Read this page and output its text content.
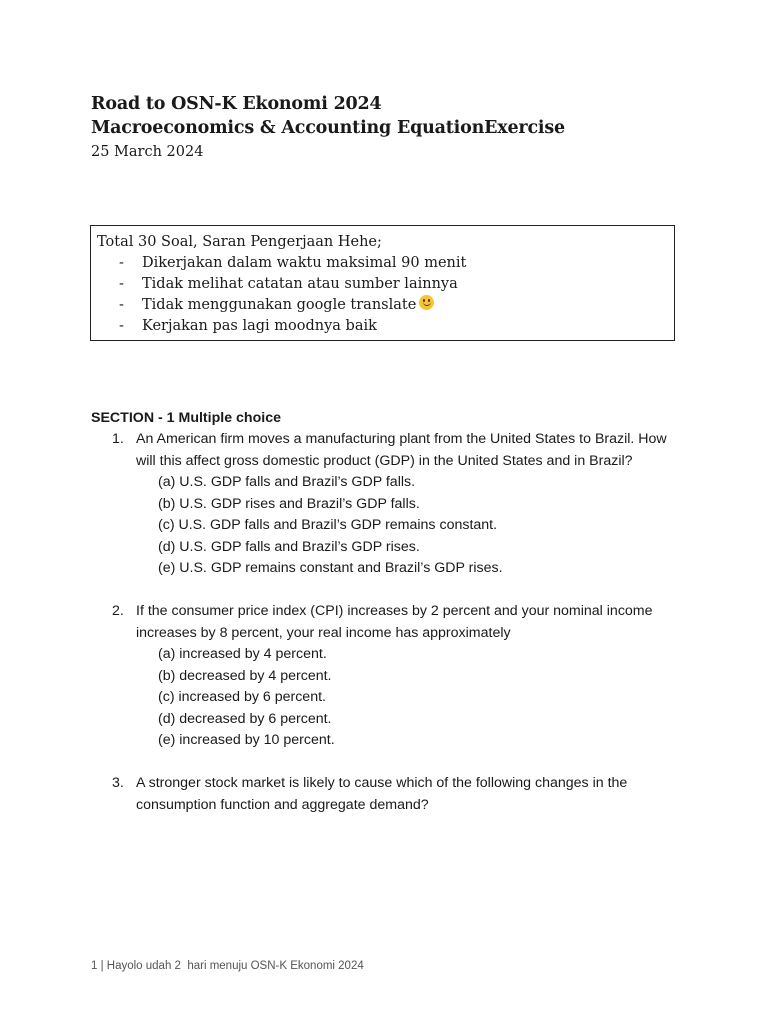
Road to OSN-K Ekonomi 2024
Macroeconomics & Accounting EquationExercise
25 March 2024
Total 30 Soal, Saran Pengerjaan Hehe;
-	Dikerjakan dalam waktu maksimal 90 menit
-	Tidak melihat catatan atau sumber lainnya
-	Tidak menggunakan google translate
-	Kerjakan pas lagi moodnya baik
SECTION - 1 Multiple choice
1. An American firm moves a manufacturing plant from the United States to Brazil. How will this affect gross domestic product (GDP) in the United States and in Brazil?
(a) U.S. GDP falls and Brazil’s GDP falls.
(b) U.S. GDP rises and Brazil’s GDP falls.
(c) U.S. GDP falls and Brazil’s GDP remains constant.
(d) U.S. GDP falls and Brazil’s GDP rises.
(e) U.S. GDP remains constant and Brazil’s GDP rises.
2. If the consumer price index (CPI) increases by 2 percent and your nominal income increases by 8 percent, your real income has approximately
(a) increased by 4 percent.
(b) decreased by 4 percent.
(c) increased by 6 percent.
(d) decreased by 6 percent.
(e) increased by 10 percent.
3. A stronger stock market is likely to cause which of the following changes in the consumption function and aggregate demand?
1 | Hayolo udah 2  hari menuju OSN-K Ekonomi 2024
